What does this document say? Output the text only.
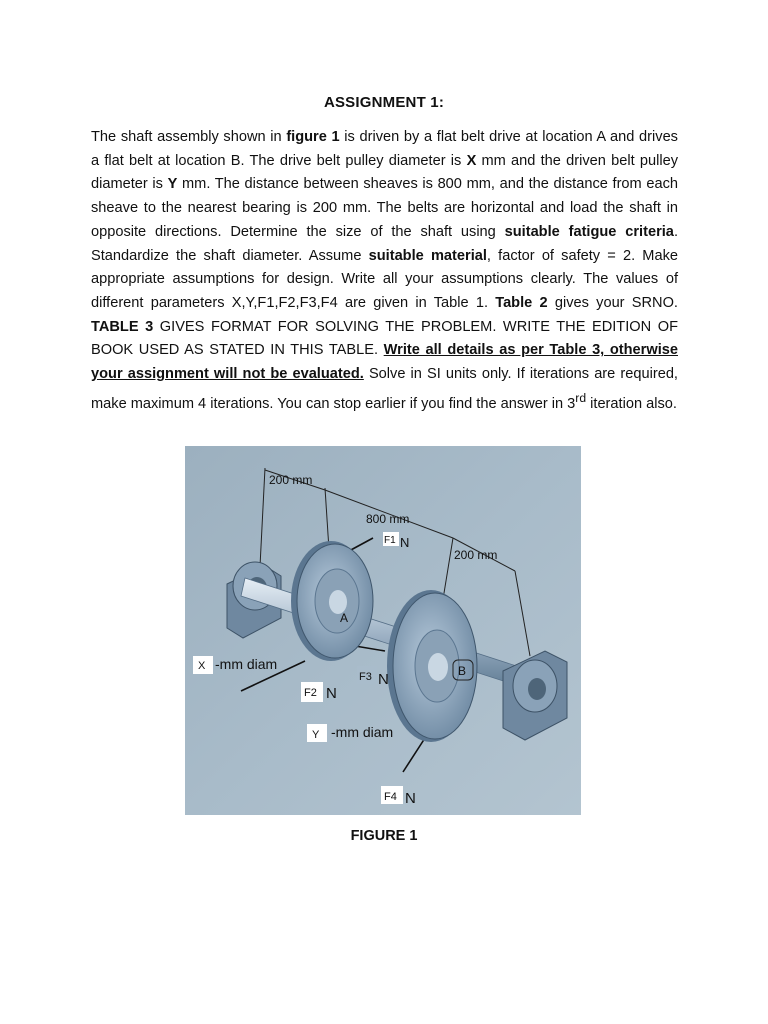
ASSIGNMENT 1:
The shaft assembly shown in figure 1 is driven by a flat belt drive at location A and drives a flat belt at location B. The drive belt pulley diameter is X mm and the driven belt pulley diameter is Y mm. The distance between sheaves is 800 mm, and the distance from each sheave to the nearest bearing is 200 mm. The belts are horizontal and load the shaft in opposite directions. Determine the size of the shaft using suitable fatigue criteria. Standardize the shaft diameter. Assume suitable material, factor of safety = 2. Make appropriate assumptions for design. Write all your assumptions clearly. The values of different parameters X,Y,F1,F2,F3,F4 are given in Table 1. Table 2 gives your SRNO. TABLE 3 GIVES FORMAT FOR SOLVING THE PROBLEM. WRITE THE EDITION OF BOOK USED AS STATED IN THIS TABLE. Write all details as per Table 3, otherwise your assignment will not be evaluated. Solve in SI units only. If iterations are required, make maximum 4 iterations. You can stop earlier if you find the answer in 3rd iteration also.
200 mm
800 mm
200 mm
A
B
F1 N
X -mm diam
F2 N
F3 N
Y -mm diam
F4 N
FIGURE 1
